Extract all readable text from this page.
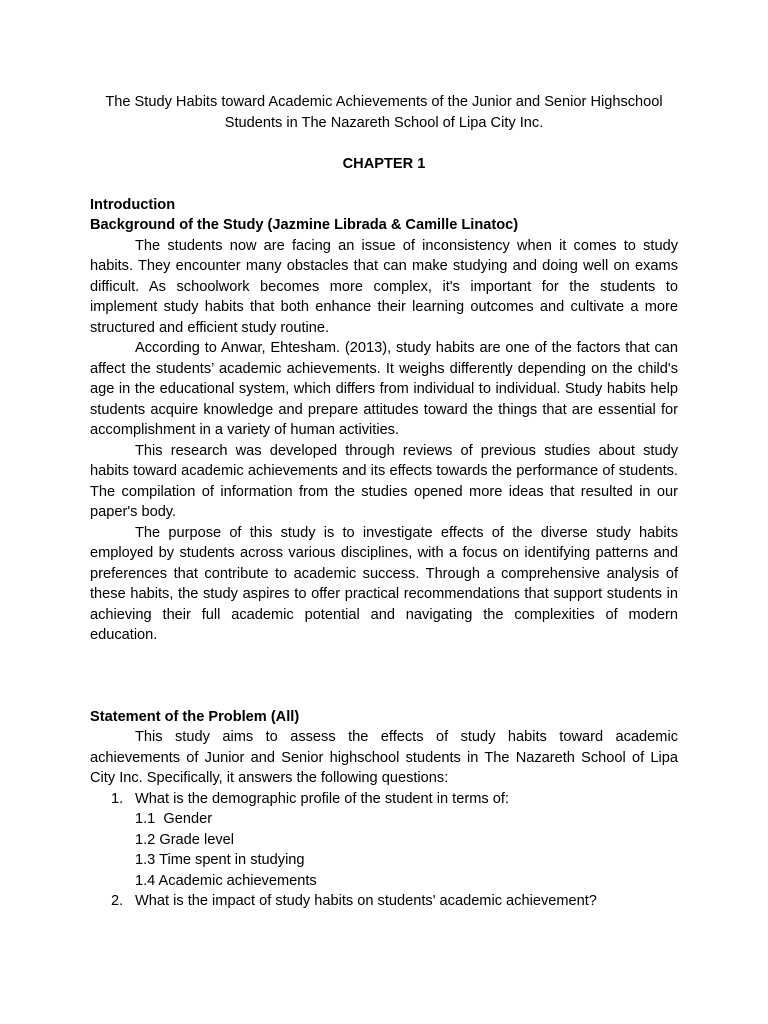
The Study Habits toward Academic Achievements of the Junior and Senior Highschool
Students in The Nazareth School of Lipa City Inc.

CHAPTER 1

Introduction

Background of the Study (Jazmine Librada & Camille Linatoc)

The students now are facing an issue of inconsistency when it comes to study habits. They encounter many obstacles that can make studying and doing well on exams difficult. As schoolwork becomes more complex, it's important for the students to implement study habits that both enhance their learning outcomes and cultivate a more structured and efficient study routine.

According to Anwar, Ehtesham. (2013), study habits are one of the factors that can affect the students’ academic achievements. It weighs differently depending on the child's age in the educational system, which differs from individual to individual. Study habits help students acquire knowledge and prepare attitudes toward the things that are essential for accomplishment in a variety of human activities.

This research was developed through reviews of previous studies about study habits toward academic achievements and its effects towards the performance of students. The compilation of information from the studies opened more ideas that resulted in our paper's body.

The purpose of this study is to investigate effects of the diverse study habits employed by students across various disciplines, with a focus on identifying patterns and preferences that contribute to academic success. Through a comprehensive analysis of these habits, the study aspires to offer practical recommendations that support students in achieving their full academic potential and navigating the complexities of modern education.

Statement of the Problem (All)

This study aims to assess the effects of study habits toward academic achievements of Junior and Senior highschool students in The Nazareth School of Lipa City Inc. Specifically, it answers the following questions:

1. What is the demographic profile of the student in terms of:
1.1  Gender
1.2 Grade level
1.3 Time spent in studying
1.4 Academic achievements
2. What is the impact of study habits on students' academic achievement?
